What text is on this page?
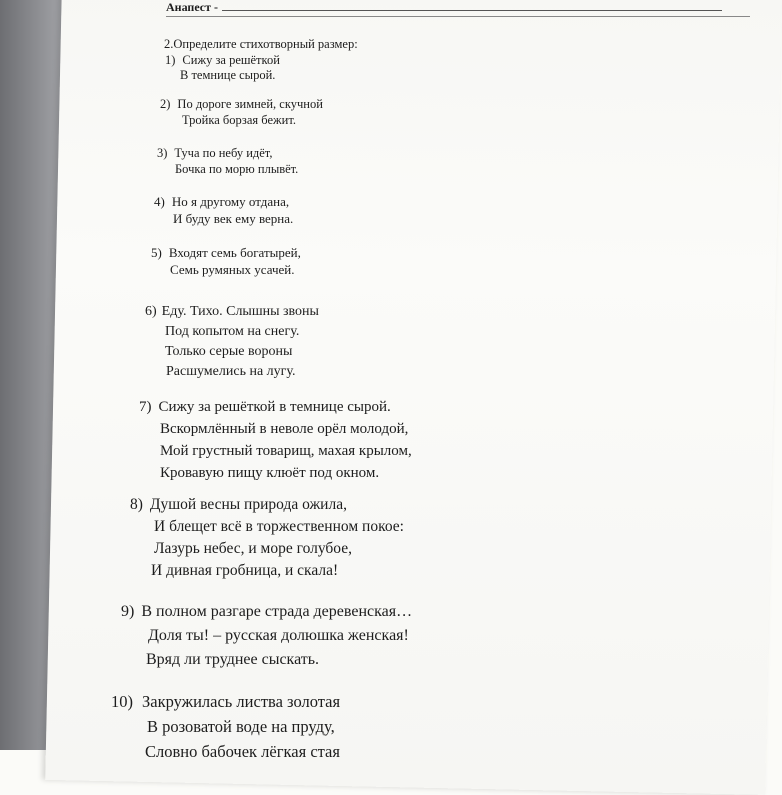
Анапест -
2.Определите стихотворный размер:
1) Сижу за решёткой
В темнице сырой.
2) По дороге зимней, скучной
Тройка борзая бежит.
3) Туча по небу идёт,
Бочка по морю плывёт.
4) Но я другому отдана,
И буду век ему верна.
5) Входят семь богатырей,
Семь румяных усачей.
6) Еду. Тихо. Слышны звоны
Под копытом на снегу.
Только серые вороны
Расшумелись на лугу.
7) Сижу за решёткой в темнице сырой.
Вскормлённый в неволе орёл молодой,
Мой грустный товарищ, махая крылом,
Кровавую пищу клюёт под окном.
8) Душой весны природа ожила,
И блещет всё в торжественном покое:
Лазурь небес, и море голубое,
И дивная гробница, и скала!
9) В полном разгаре страда деревенская…
Доля ты! – русская долюшка женская!
Вряд ли труднее сыскать.
10) Закружилась листва золотая
В розоватой воде на пруду,
Словно бабочек лёгкая стая
